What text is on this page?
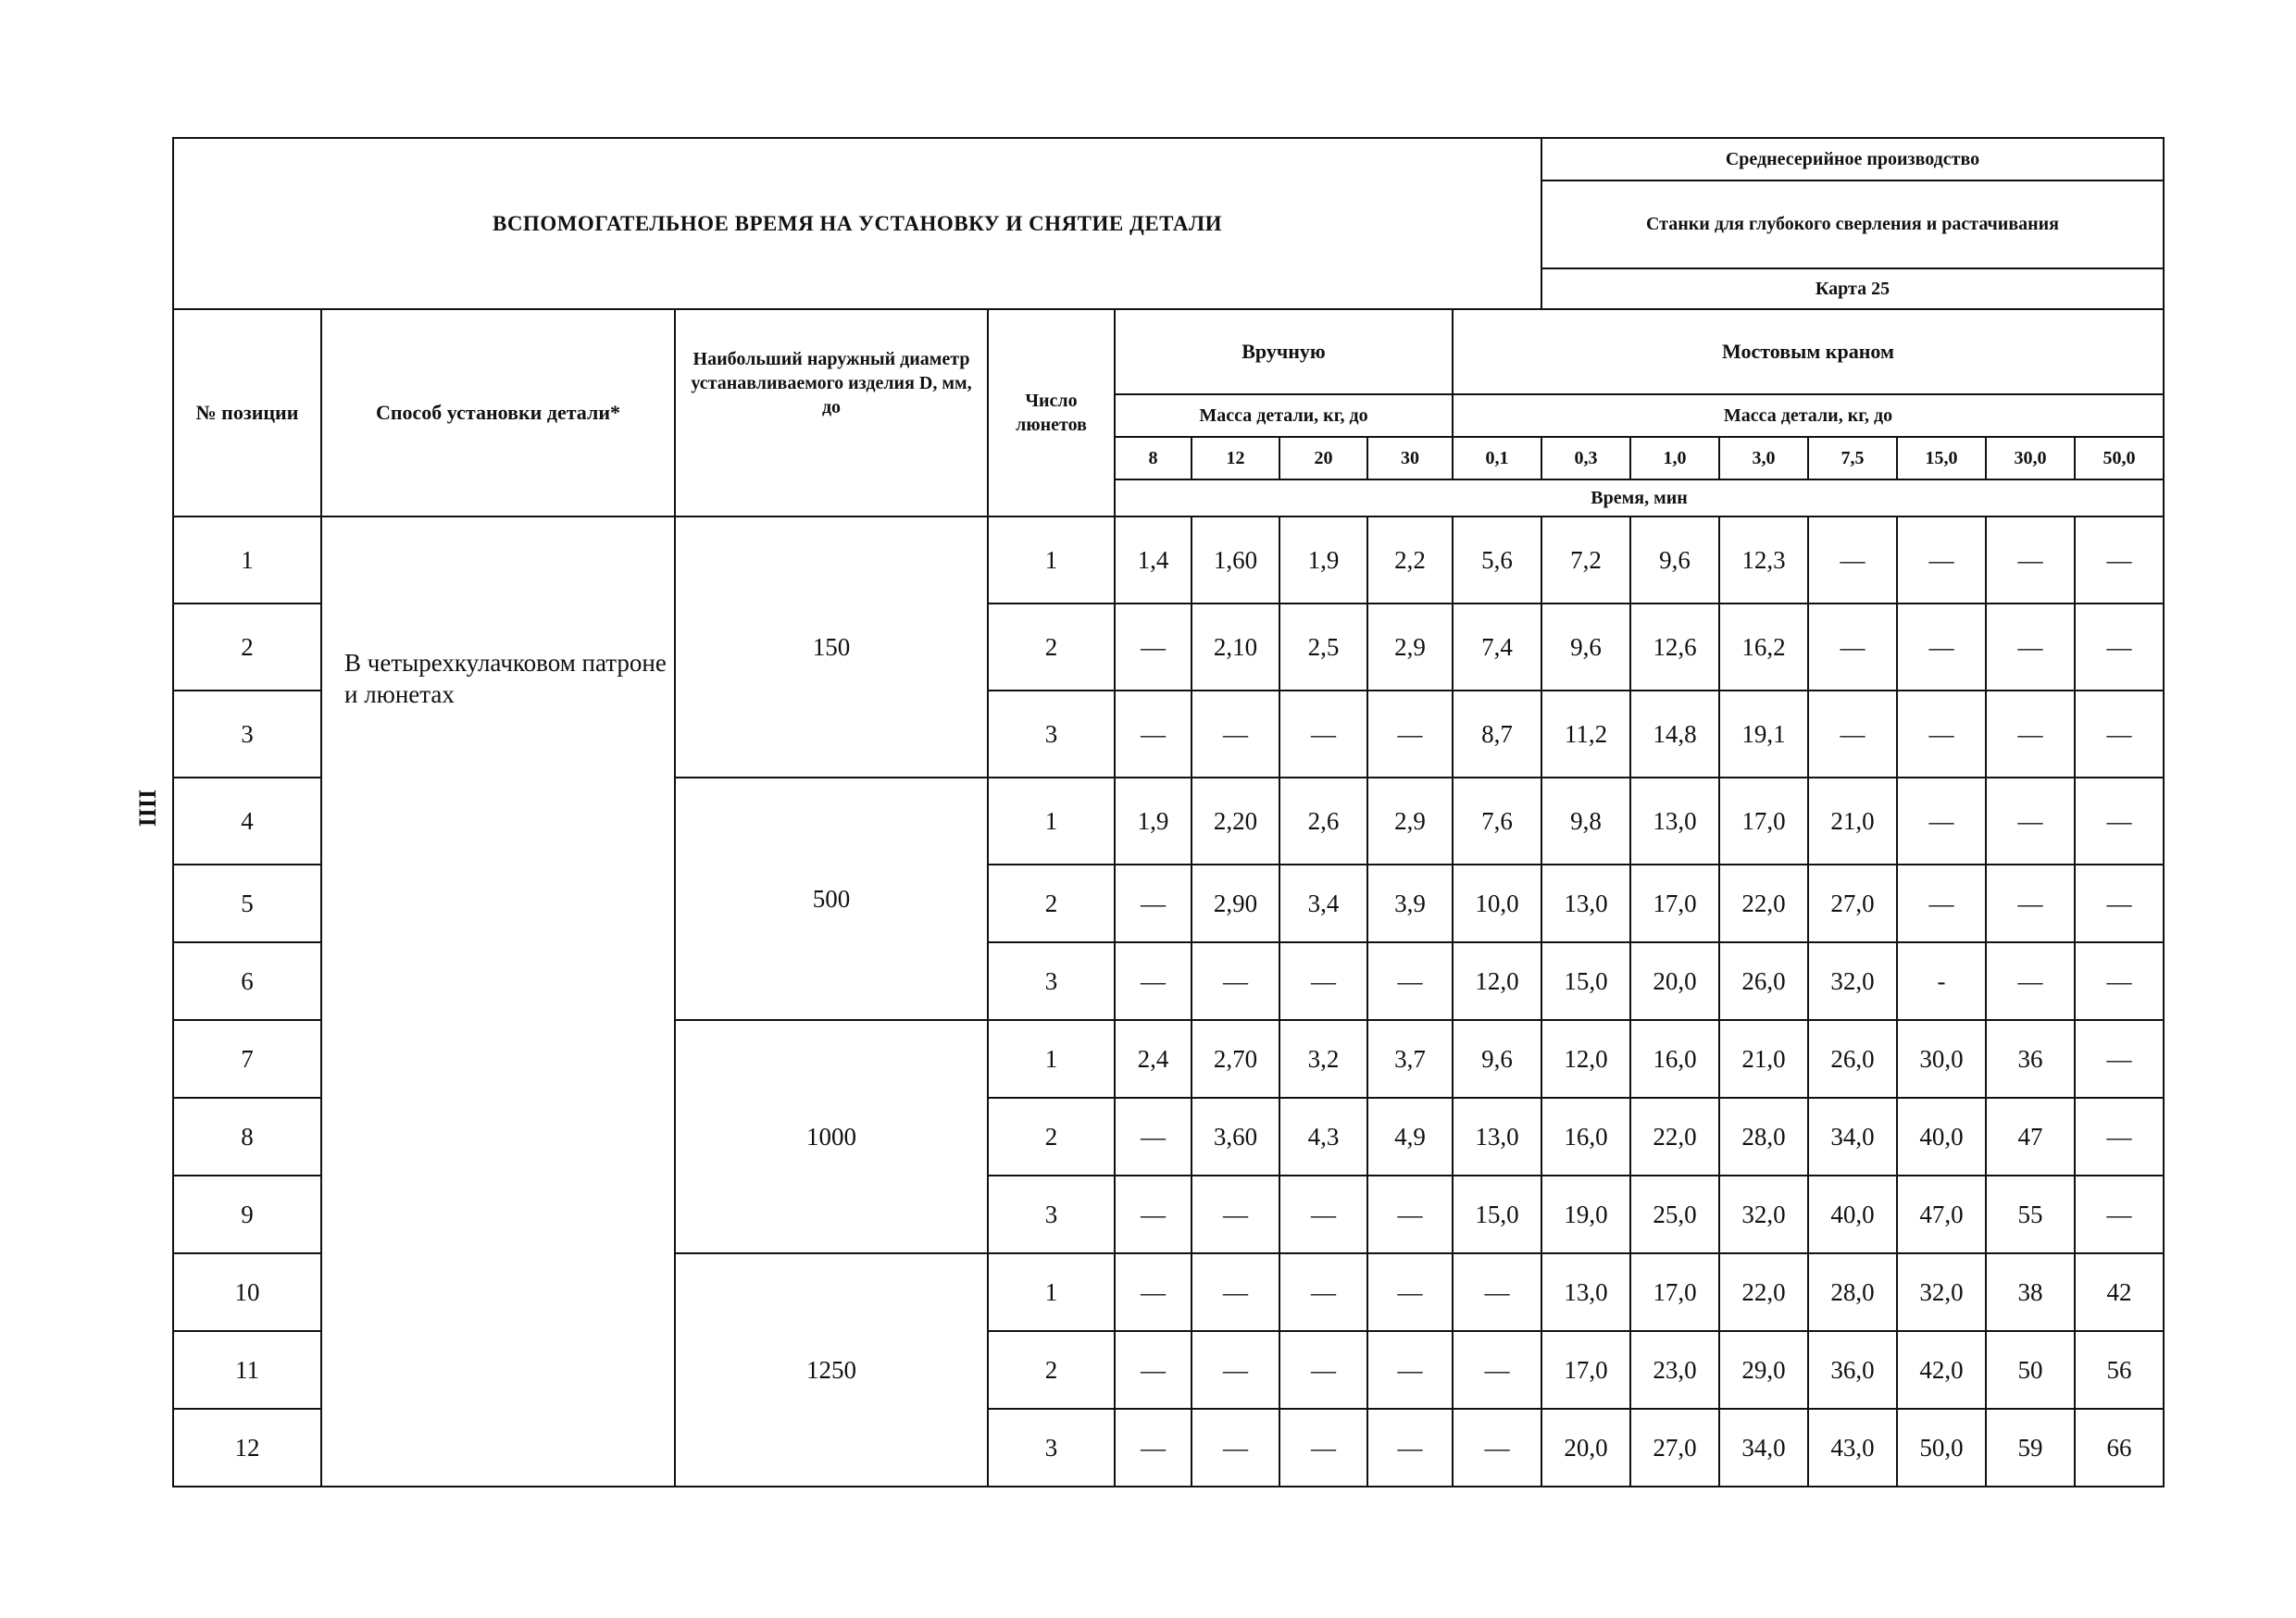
ІІІІ
ВСПОМОГАТЕЛЬНОЕ ВРЕМЯ НА УСТАНОВКУ И СНЯТИЕ ДЕТАЛИ									Среднесерийное производство						
									Станки для глубокого сверления и растачивания						
									Карта 25						
№ позиции	Способ установки детали*	Наибольший наружный диаметр устанавливаемого изделия D, мм, до	Число люнетов	Вручную				Мостовым краном							
				Масса детали, кг, до				Масса детали, кг, до							
				8	12	20	30	0,1	0,3	1,0	3,0	7,5	15,0	30,0	50,0
				Время, мин											
1	В четырехкулачковом патроне и люнетах	150	1	1,4	1,60	1,9	2,2	5,6	7,2	9,6	12,3	—	—	—	—
2			2	—	2,10	2,5	2,9	7,4	9,6	12,6	16,2	—	—	—	—
3			3	—	—	—	—	8,7	11,2	14,8	19,1	—	—	—	—
4		500	1	1,9	2,20	2,6	2,9	7,6	9,8	13,0	17,0	21,0	—	—	—
5			2	—	2,90	3,4	3,9	10,0	13,0	17,0	22,0	27,0	—	—	—
6			3	—	—	—	—	12,0	15,0	20,0	26,0	32,0	-	—	—
7		1000	1	2,4	2,70	3,2	3,7	9,6	12,0	16,0	21,0	26,0	30,0	36	—
8			2	—	3,60	4,3	4,9	13,0	16,0	22,0	28,0	34,0	40,0	47	—
9			3	—	—	—	—	15,0	19,0	25,0	32,0	40,0	47,0	55	—
10		1250	1	—	—	—	—	—	13,0	17,0	22,0	28,0	32,0	38	42
11			2	—	—	—	—	—	17,0	23,0	29,0	36,0	42,0	50	56
12			3	—	—	—	—	—	20,0	27,0	34,0	43,0	50,0	59	66
